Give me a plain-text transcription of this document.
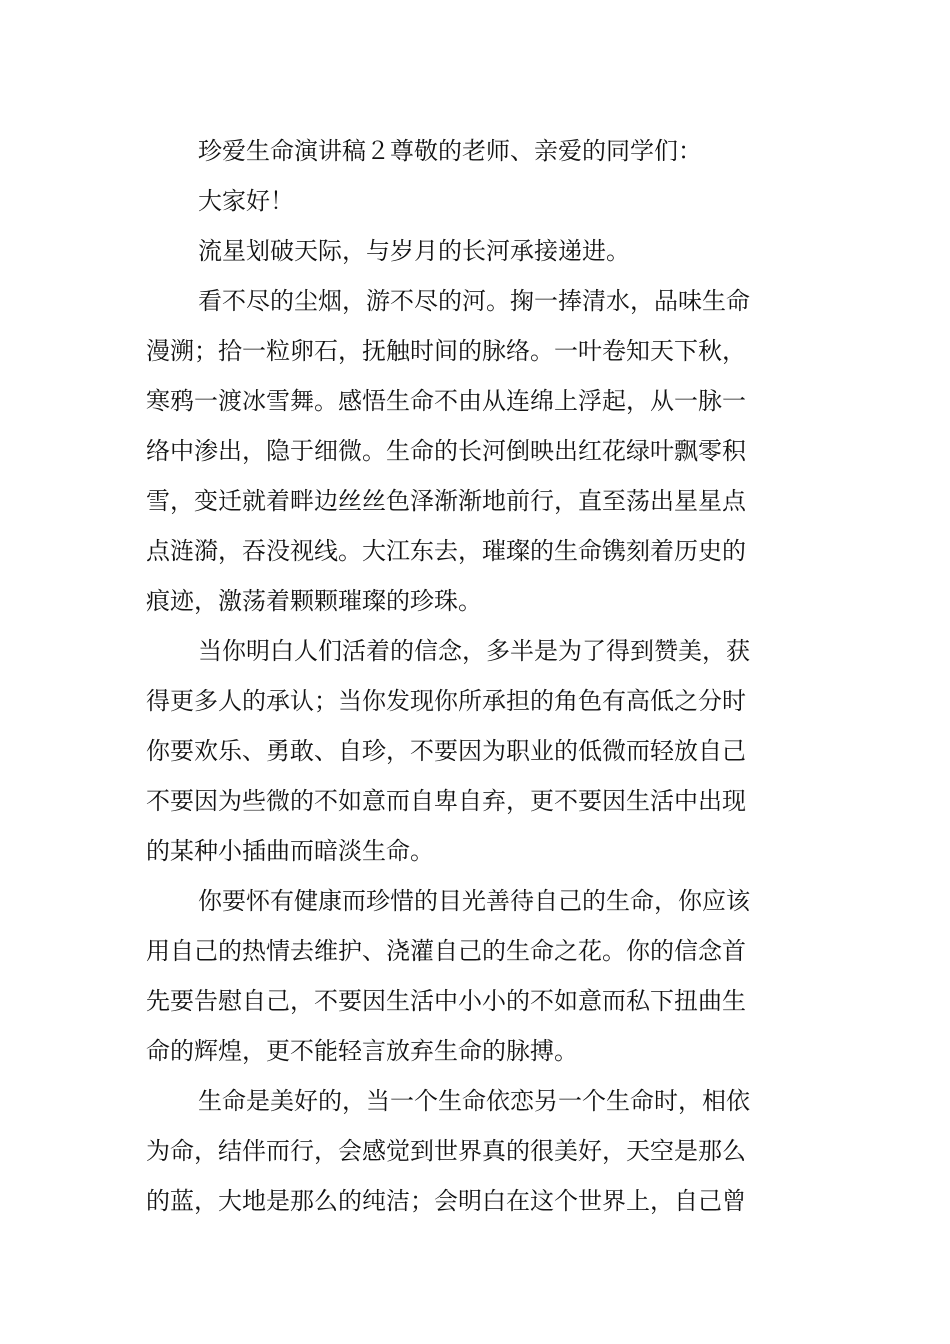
珍爱生命演讲稿２尊敬的老师、亲爱的同学们：
大家好！
流星划破天际，与岁月的长河承接递进。
看不尽的尘烟，游不尽的河。掬一捧清水，品味生命
漫溯；拾一粒卵石，抚触时间的脉络。一叶卷知天下秋，
寒鸦一渡冰雪舞。感悟生命不由从连绵上浮起，从一脉一
络中渗出，隐于细微。生命的长河倒映出红花绿叶飘零积
雪，变迁就着畔边丝丝色泽渐渐地前行，直至荡出星星点
点涟漪，吞没视线。大江东去，璀璨的生命镌刻着历史的
痕迹，激荡着颗颗璀璨的珍珠。
当你明白人们活着的信念，多半是为了得到赞美，获
得更多人的承认；当你发现你所承担的角色有高低之分时
你要欢乐、勇敢、自珍，不要因为职业的低微而轻放自己
不要因为些微的不如意而自卑自弃，更不要因生活中出现
的某种小插曲而暗淡生命。
你要怀有健康而珍惜的目光善待自己的生命，你应该
用自己的热情去维护、浇灌自己的生命之花。你的信念首
先要告慰自己，不要因生活中小小的不如意而私下扭曲生
命的辉煌，更不能轻言放弃生命的脉搏。
生命是美好的，当一个生命依恋另一个生命时，相依
为命，结伴而行，会感觉到世界真的很美好，天空是那么
的蓝，大地是那么的纯洁；会明白在这个世界上，自己曾
